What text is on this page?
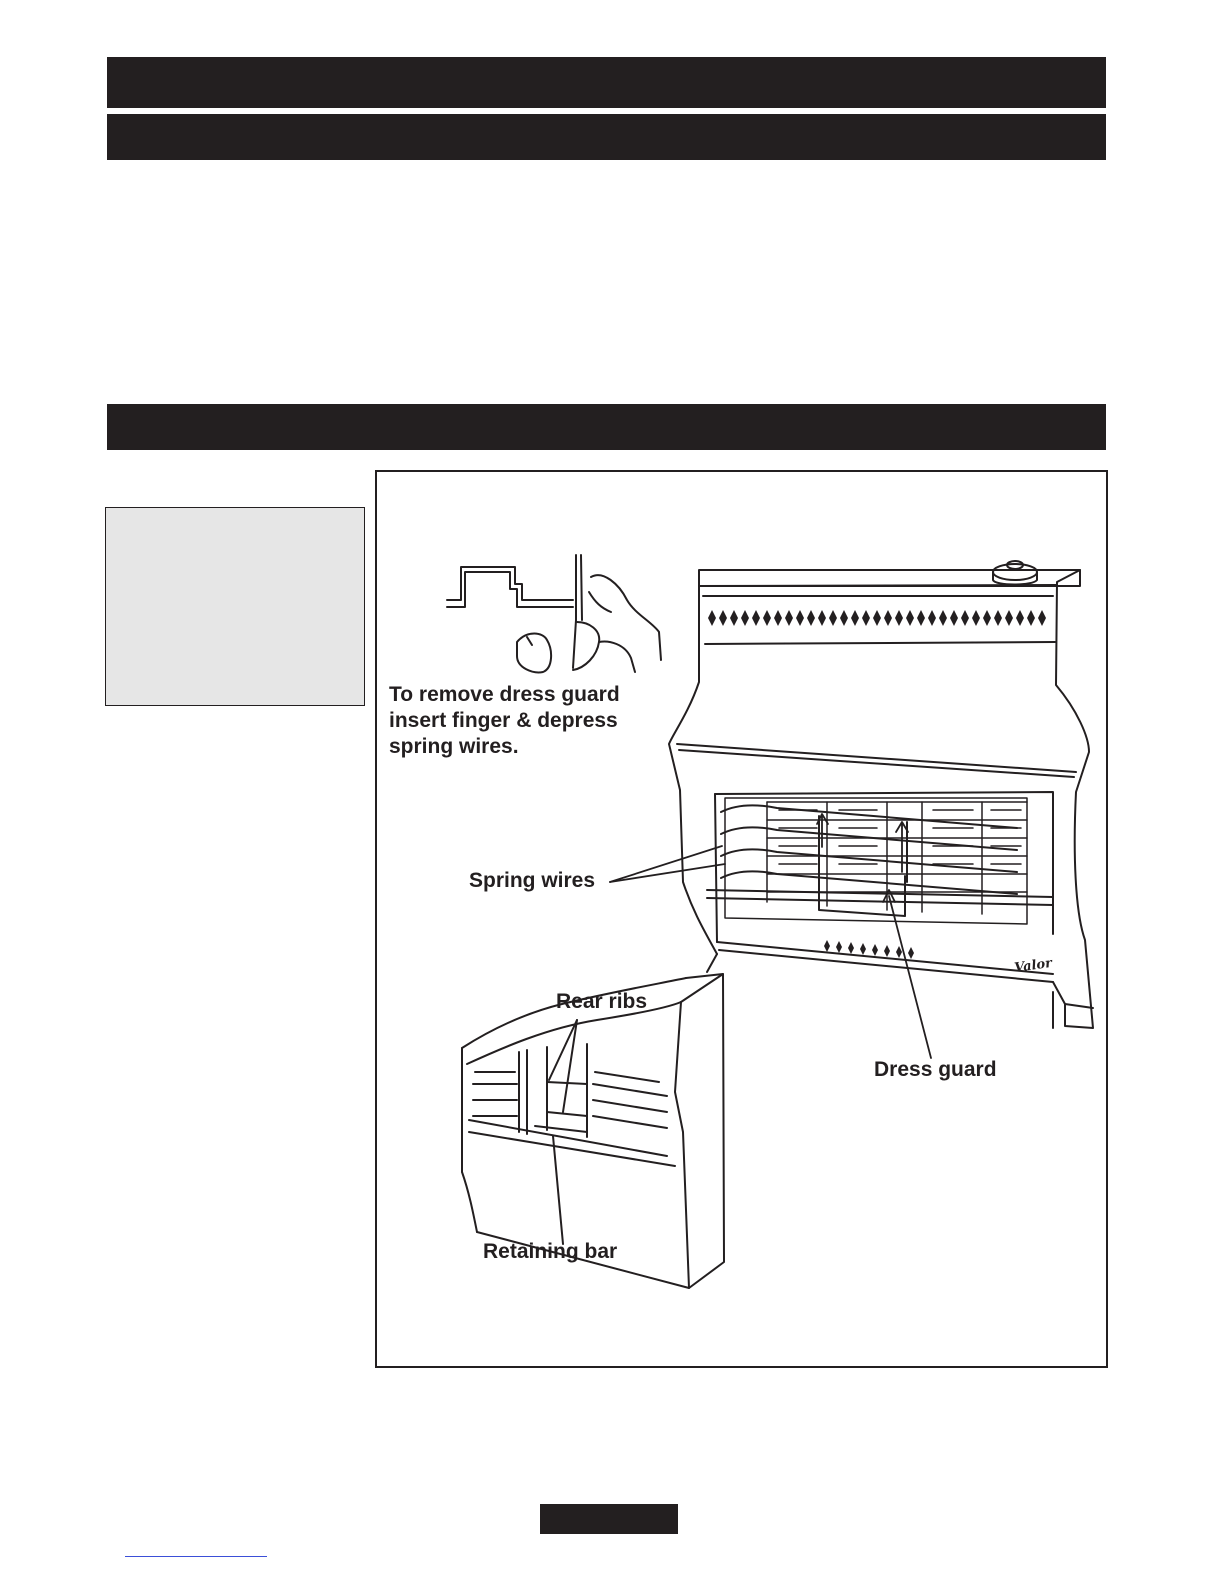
Valor
To remove dress guard
insert finger & depress
spring wires.
Spring wires
Rear ribs
Dress guard
Retaining bar
